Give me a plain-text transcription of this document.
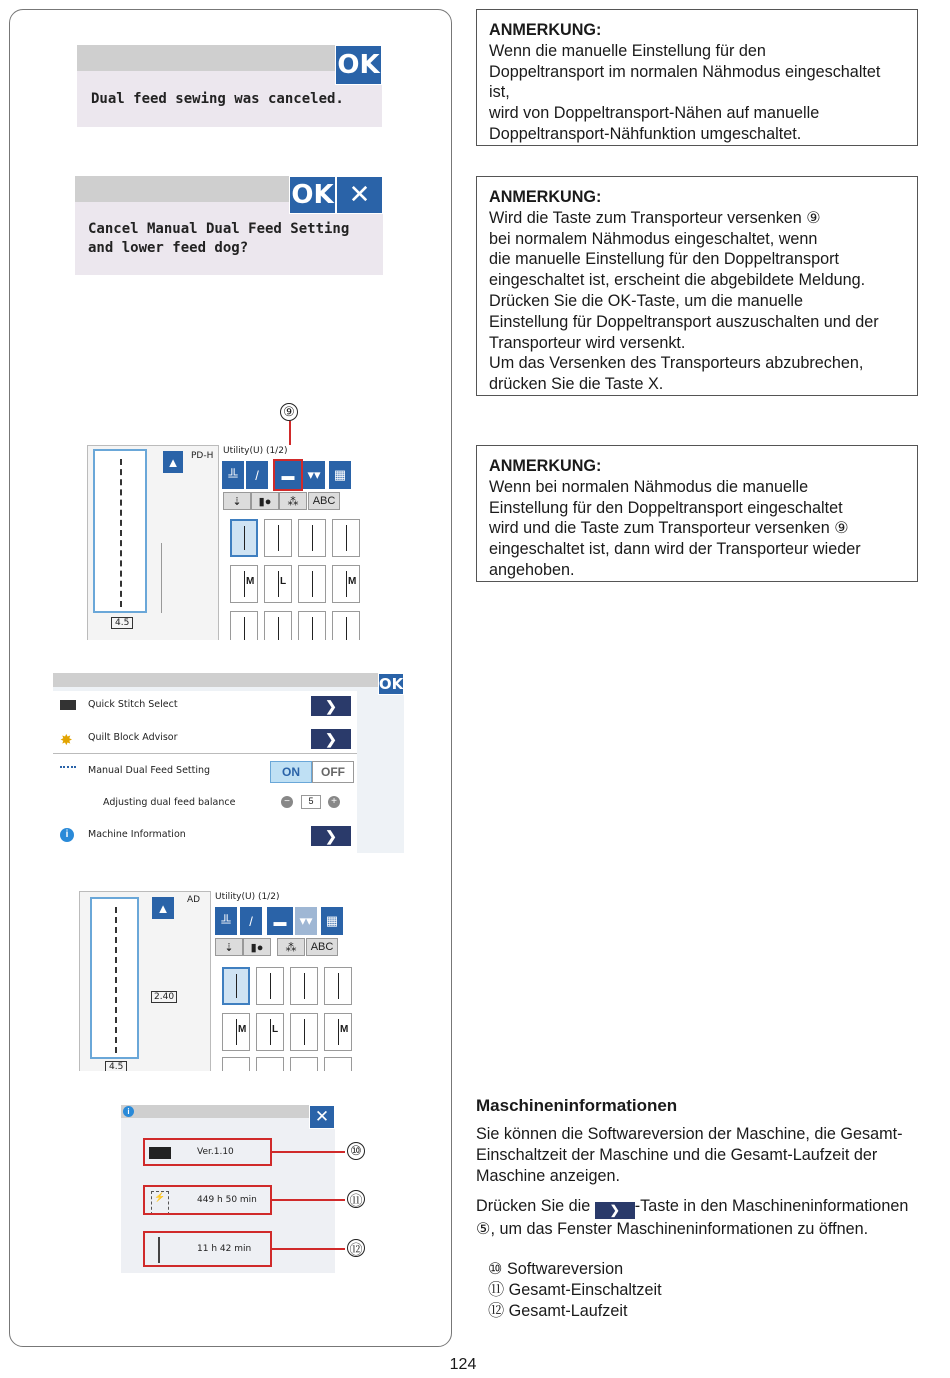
OK
Dual feed sewing was canceled.
OK ✕
Cancel Manual Dual Feed Setting
and lower feed dog?
ANMERKUNG:

Wenn die manuelle Einstellung für den
Doppeltransport im normalen Nähmodus eingeschaltet ist,
wird von Doppeltransport-Nähen auf manuelle
Doppeltransport-Nähfunktion umgeschaltet.

ANMERKUNG:

Wird die Taste zum Transporteur versenken ⑨
bei normalem Nähmodus eingeschaltet, wenn
die manuelle Einstellung für den Doppeltransport
eingeschaltet ist, erscheint die abgebildete Meldung.
Drücken Sie die OK-Taste, um die manuelle
Einstellung für Doppeltransport auszuschalten und der
Transporteur wird versenkt.
Um das Versenken des Transporteurs abzubrechen,
drücken Sie die Taste X.

ANMERKUNG:

Wenn bei normalen Nähmodus die manuelle
Einstellung für den Doppeltransport eingeschaltet
wird und die Taste zum Transporteur versenken ⑨
eingeschaltet ist, dann wird der Transporteur wieder
angehoben.

⑨
4.5
▲	PD-H Utility(U) (1/2)
╩	/	▬ ▾▾	▦
⇣	▮●	⁂	ABC
M	L	M
OK
Quick Stitch Select	❯
✸ Quilt Block Advisor	❯
Manual Dual Feed Setting	ON	OFF
Adjusting dual feed balance	−	5	+
i	Machine Information	❯
4.5
▲
AD
2.40
Utility(U) (1/2)
╩	/	▬ ▾▾	▦
⇣	▮●	⁂	ABC
M	L	M
i	✕
Ver.1.10
⚡	449 h 50 min
11 h 42 min
⑩
⑪
⑫
Maschineninformationen
Sie können die Softwareversion der Maschine, die Gesamt-Einschaltzeit der Maschine und die Gesamt-Laufzeit der Maschine anzeigen.
Drücken Sie die ❯ -Taste in den Maschineninformationen ⑤, um das Fenster Maschineninformationen zu öffnen.
⑩ Softwareversion
⑪ Gesamt-Einschaltzeit
⑫ Gesamt-Laufzeit
124
